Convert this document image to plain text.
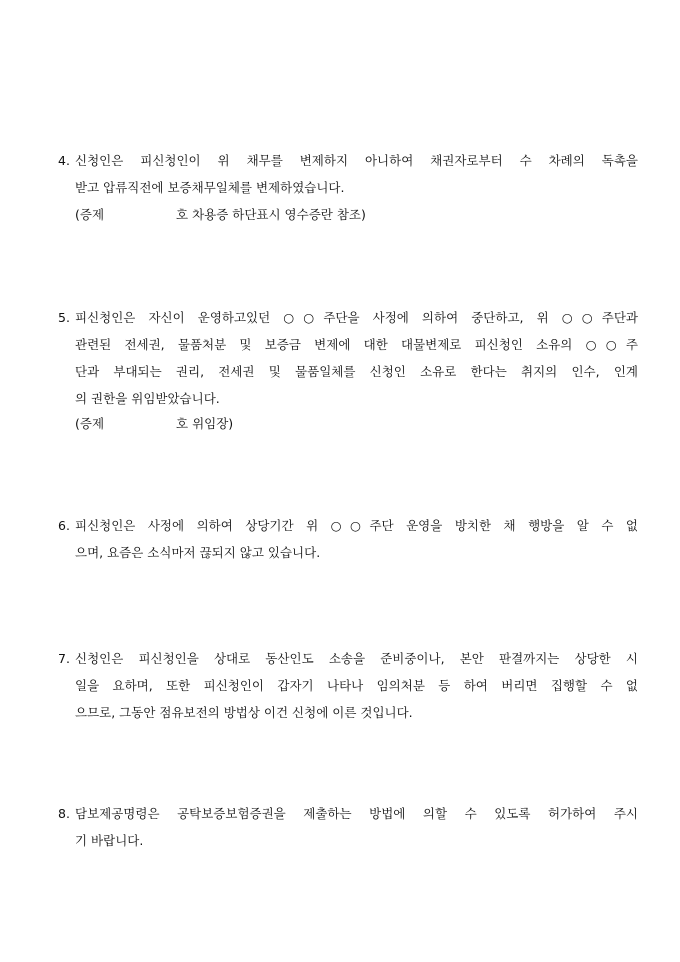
4. 신청인은 피신청인이 위 채무를 변제하지 아니하여 채권자로부터 수 차례의 독촉을
받고 압류직전에 보증채무일체를 변제하였습니다.
(증제	호 차용증 하단표시 영수증란 참조)
5. 피신청인은 자신이 운영하고있던 ○○주단을 사정에 의하여 중단하고, 위 ○○주단과
관련된 전세권, 물품처분 및 보증금 변제에 대한 대물변제로 피신청인 소유의 ○○주
단과 부대되는 권리, 전세권 및 물품일체를 신청인 소유로 한다는 취지의 인수, 인계
의 권한을 위임받았습니다.
(증제	호 위임장)
6. 피신청인은 사정에 의하여 상당기간 위 ○○주단 운영을 방치한 채 행방을 알 수 없
으며, 요즘은 소식마저 끊되지 않고 있습니다.
7. 신청인은 피신청인을 상대로 동산인도 소송을 준비중이나, 본안 판결까지는 상당한 시
일을 요하며, 또한 피신청인이 갑자기 나타나 임의처분 등 하여 버리면 집행할 수 없
으므로, 그동안 점유보전의 방법상 이건 신청에 이른 것입니다.
8. 담보제공명령은 공탁보증보험증권을 제출하는 방법에 의할 수 있도록 허가하여 주시
기 바랍니다.
